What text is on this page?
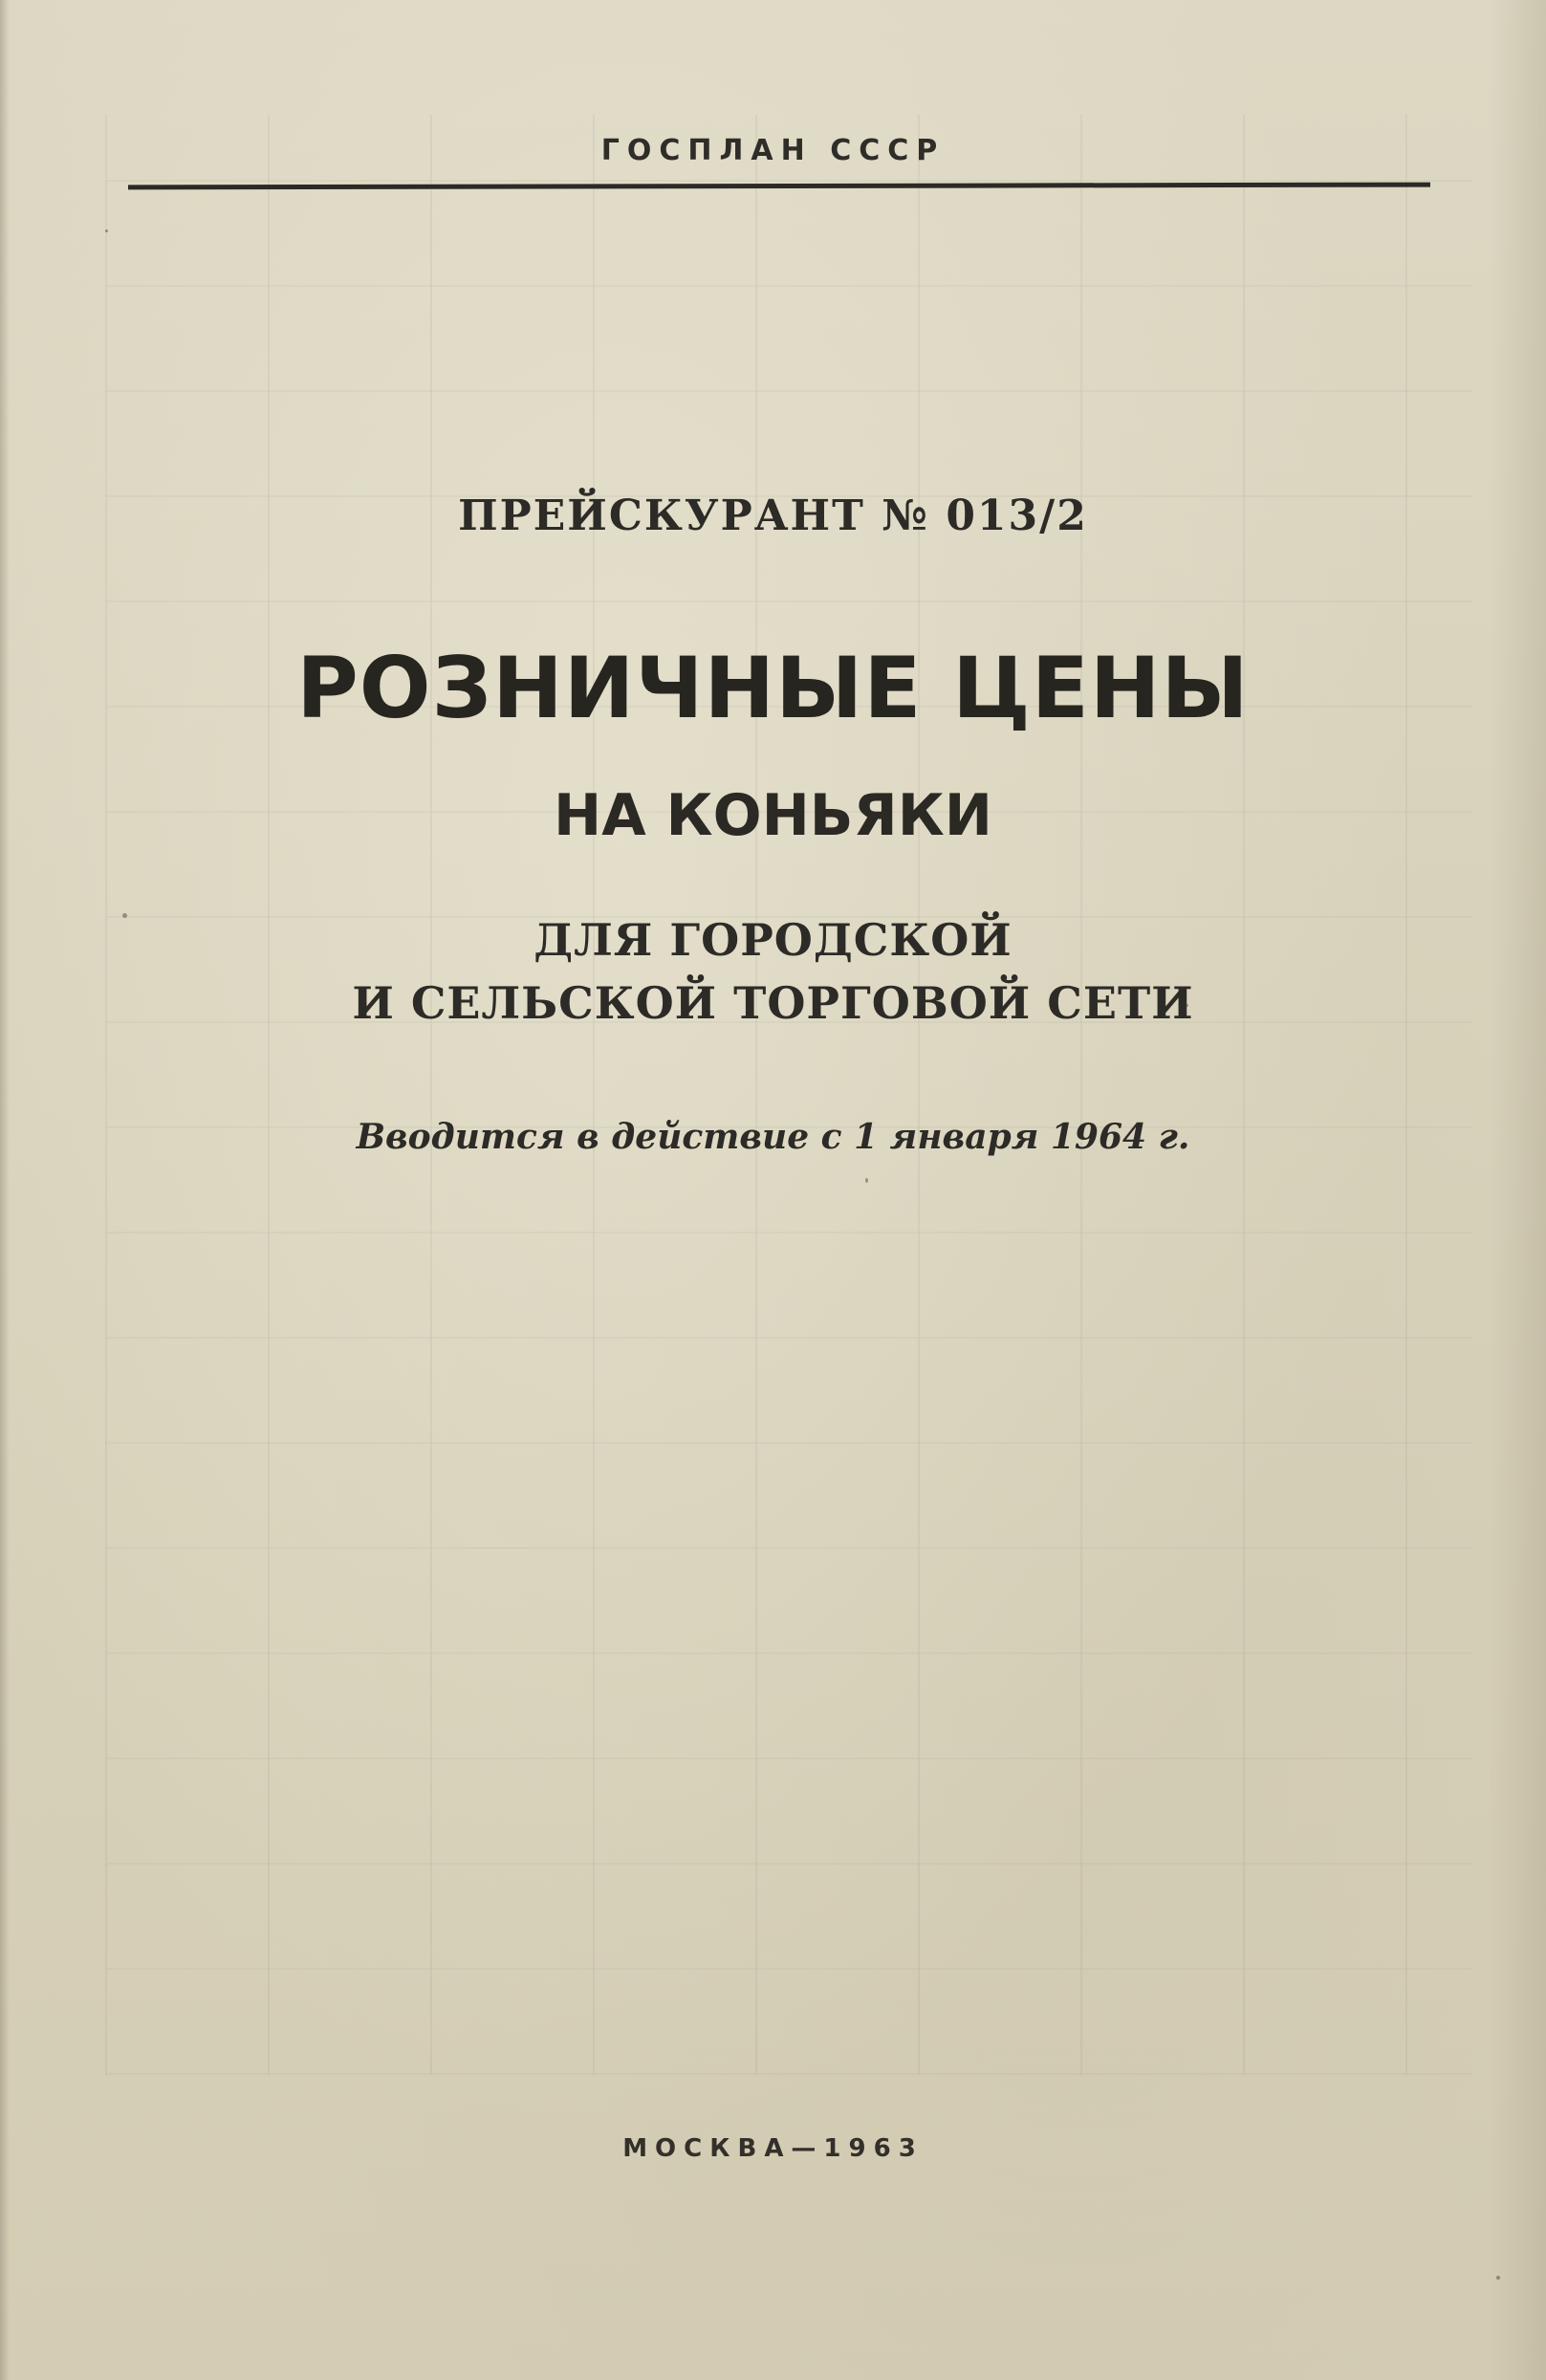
ГОСПЛАН СССР
ПРЕЙСКУРАНТ № 013/2
РОЗНИЧНЫЕ ЦЕНЫ
НА КОНЬЯКИ
ДЛЯ ГОРОДСКОЙ
И СЕЛЬСКОЙ ТОРГОВОЙ СЕТИ
Вводится в действие с 1 января 1964 г.
МОСКВА—1963
